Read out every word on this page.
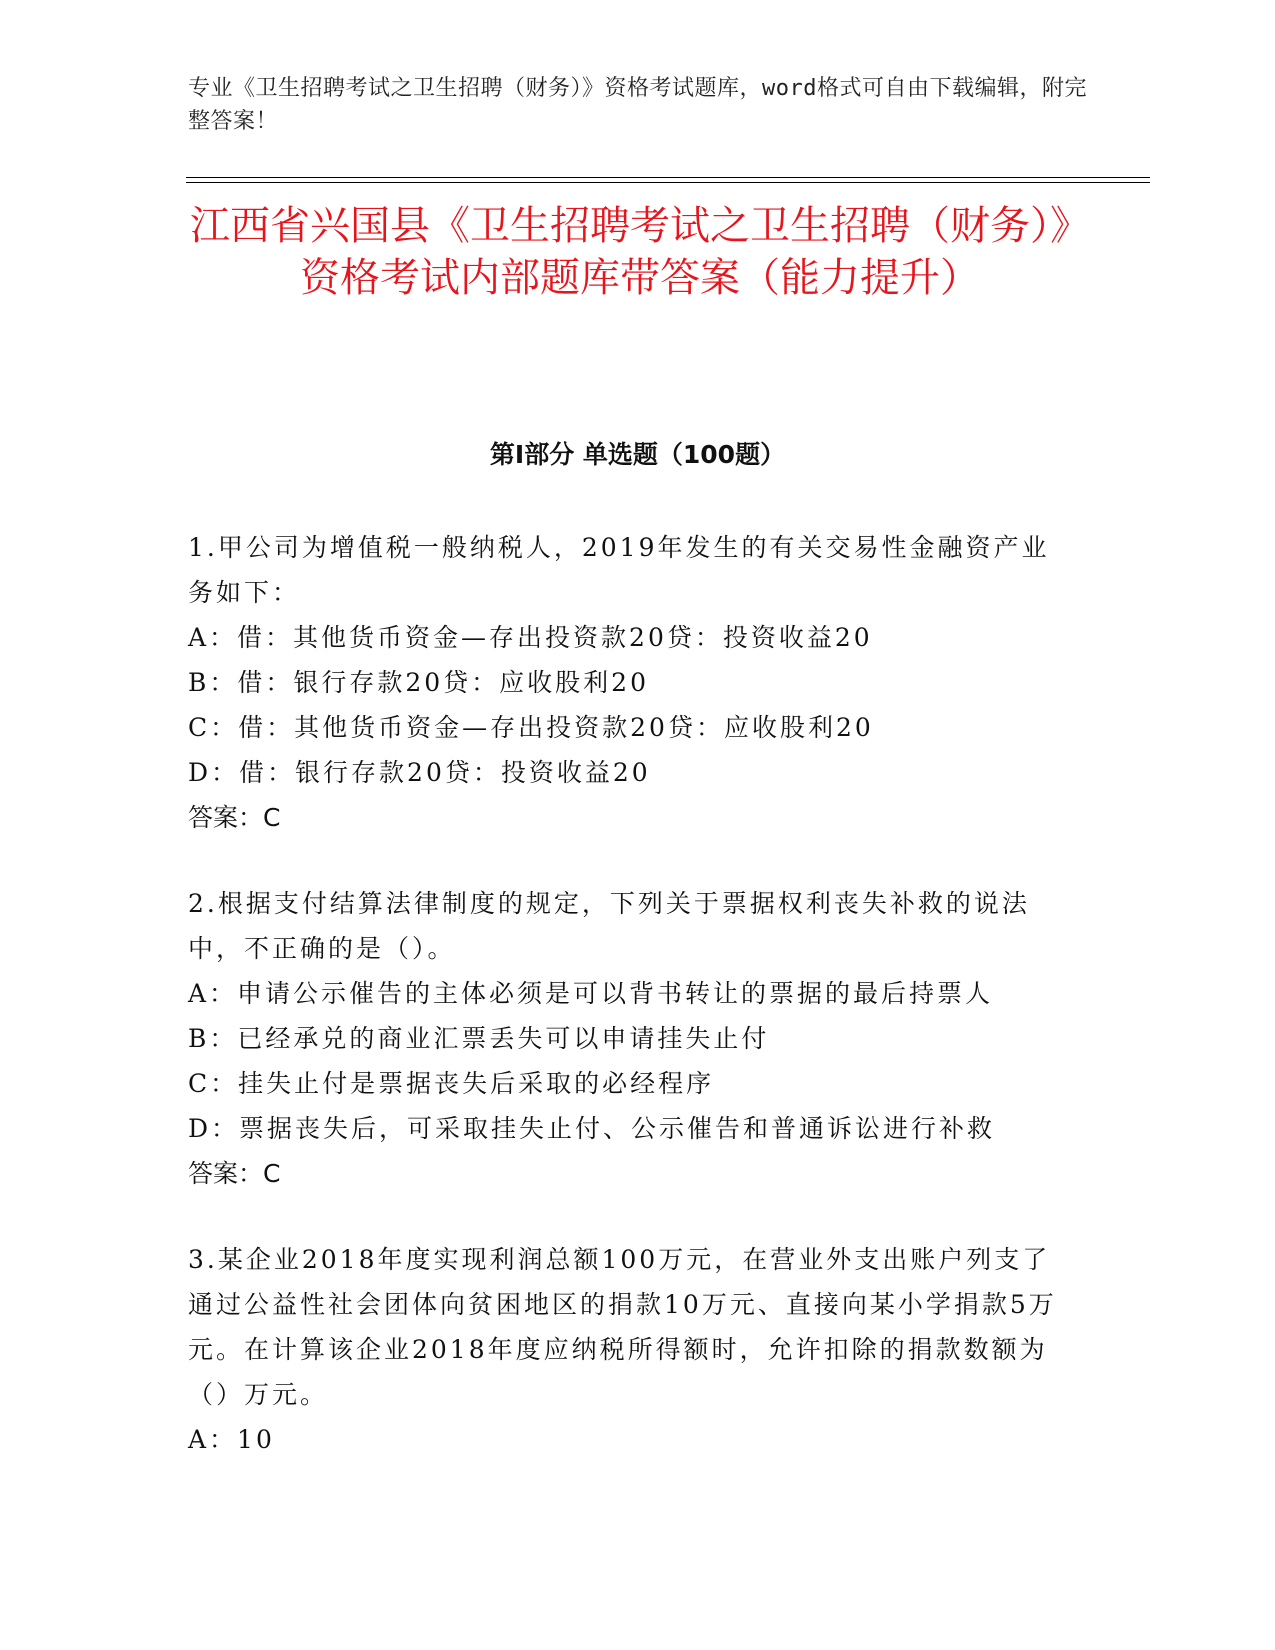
专业《卫生招聘考试之卫生招聘（财务）》资格考试题库，word格式可自由下载编辑，附完整答案！
江西省兴国县《卫生招聘考试之卫生招聘（财务）》资格考试内部题库带答案（能力提升）
第I部分 单选题（100题）

1.甲公司为增值税一般纳税人，2019年发生的有关交易性金融资产业务如下：

A：借：其他货币资金—存出投资款20贷：投资收益20

B：借：银行存款20贷：应收股利20

C：借：其他货币资金—存出投资款20贷：应收股利20

D：借：银行存款20贷：投资收益20

答案：C

2.根据支付结算法律制度的规定，下列关于票据权利丧失补救的说法中，不正确的是（）。

A：申请公示催告的主体必须是可以背书转让的票据的最后持票人

B：已经承兑的商业汇票丢失可以申请挂失止付

C：挂失止付是票据丧失后采取的必经程序

D：票据丧失后，可采取挂失止付、公示催告和普通诉讼进行补救

答案：C

3.某企业2018年度实现利润总额100万元，在营业外支出账户列支了通过公益性社会团体向贫困地区的捐款10万元、直接向某小学捐款5万元。在计算该企业2018年度应纳税所得额时，允许扣除的捐款数额为（）万元。

A：10
